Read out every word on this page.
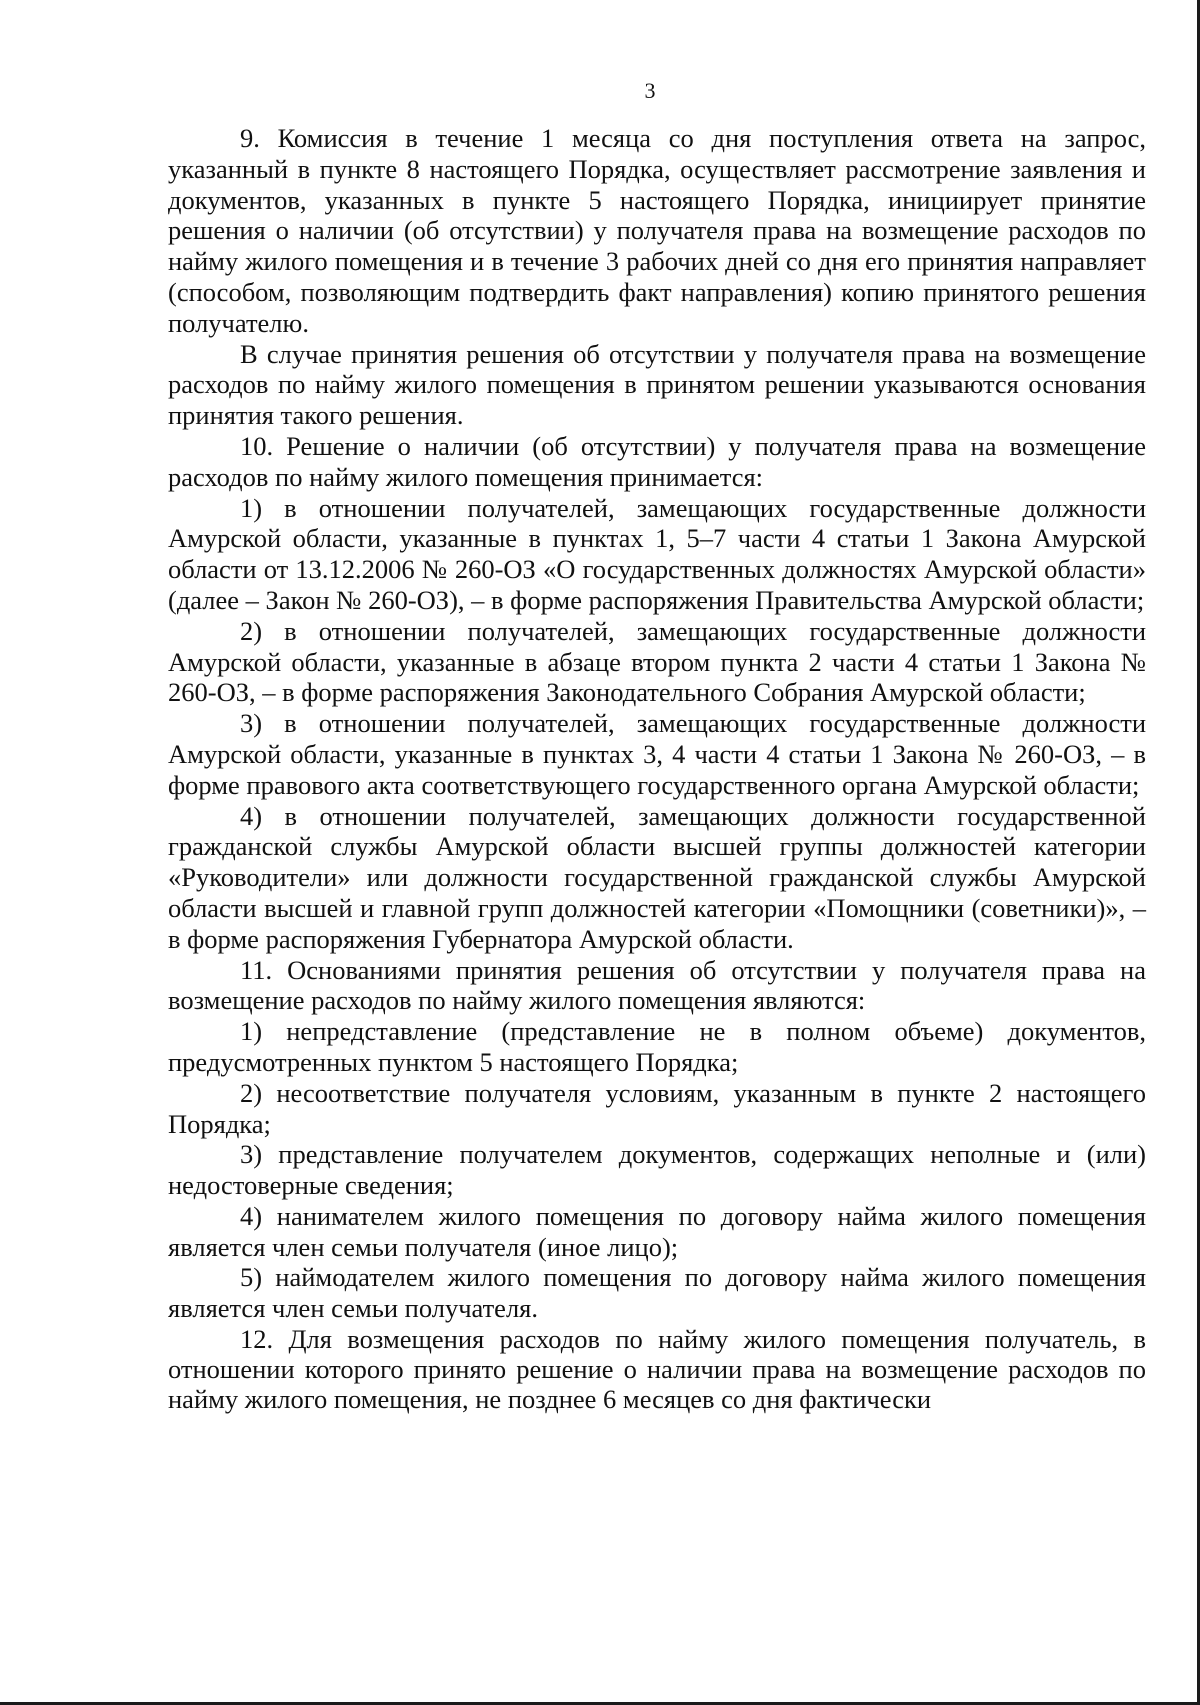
3

9. Комиссия в течение 1 месяца со дня поступления ответа на запрос, указанный в пункте 8 настоящего Порядка, осуществляет рассмотрение заявления и документов, указанных в пункте 5 настоящего Порядка, инициирует принятие решения о наличии (об отсутствии) у получателя права на возмещение расходов по найму жилого помещения и в течение 3 рабочих дней со дня его принятия направляет (способом, позволяющим подтвердить факт направления) копию принятого решения получателю.

В случае принятия решения об отсутствии у получателя права на возмещение расходов по найму жилого помещения в принятом решении указываются основания принятия такого решения.

10. Решение о наличии (об отсутствии) у получателя права на возмещение расходов по найму жилого помещения принимается:

1) в отношении получателей, замещающих государственные должности Амурской области, указанные в пунктах 1, 5–7 части 4 статьи 1 Закона Амурской области от 13.12.2006 № 260-ОЗ «О государственных должностях Амурской области» (далее – Закон № 260-ОЗ), – в форме распоряжения Правительства Амурской области;

2) в отношении получателей, замещающих государственные должности Амурской области, указанные в абзаце втором пункта 2 части 4 статьи 1 Закона № 260-ОЗ, – в форме распоряжения Законодательного Собрания Амурской области;

3) в отношении получателей, замещающих государственные должности Амурской области, указанные в пунктах 3, 4 части 4 статьи 1 Закона № 260-ОЗ, – в форме правового акта соответствующего государственного органа Амурской области;

4) в отношении получателей, замещающих должности государственной гражданской службы Амурской области высшей группы должностей категории «Руководители» или должности государственной гражданской службы Амурской области высшей и главной групп должностей категории «Помощники (советники)», – в форме распоряжения Губернатора Амурской области.

11. Основаниями принятия решения об отсутствии у получателя права на возмещение расходов по найму жилого помещения являются:

1) непредставление (представление не в полном объеме) документов, предусмотренных пунктом 5 настоящего Порядка;

2) несоответствие получателя условиям, указанным в пункте 2 настоящего Порядка;

3) представление получателем документов, содержащих неполные и (или) недостоверные сведения;

4) нанимателем жилого помещения по договору найма жилого помещения является член семьи получателя (иное лицо);

5) наймодателем жилого помещения по договору найма жилого помещения является член семьи получателя.

12. Для возмещения расходов по найму жилого помещения получатель, в отношении которого принято решение о наличии права на возмещение расходов по найму жилого помещения, не позднее 6 месяцев со дня фактически
